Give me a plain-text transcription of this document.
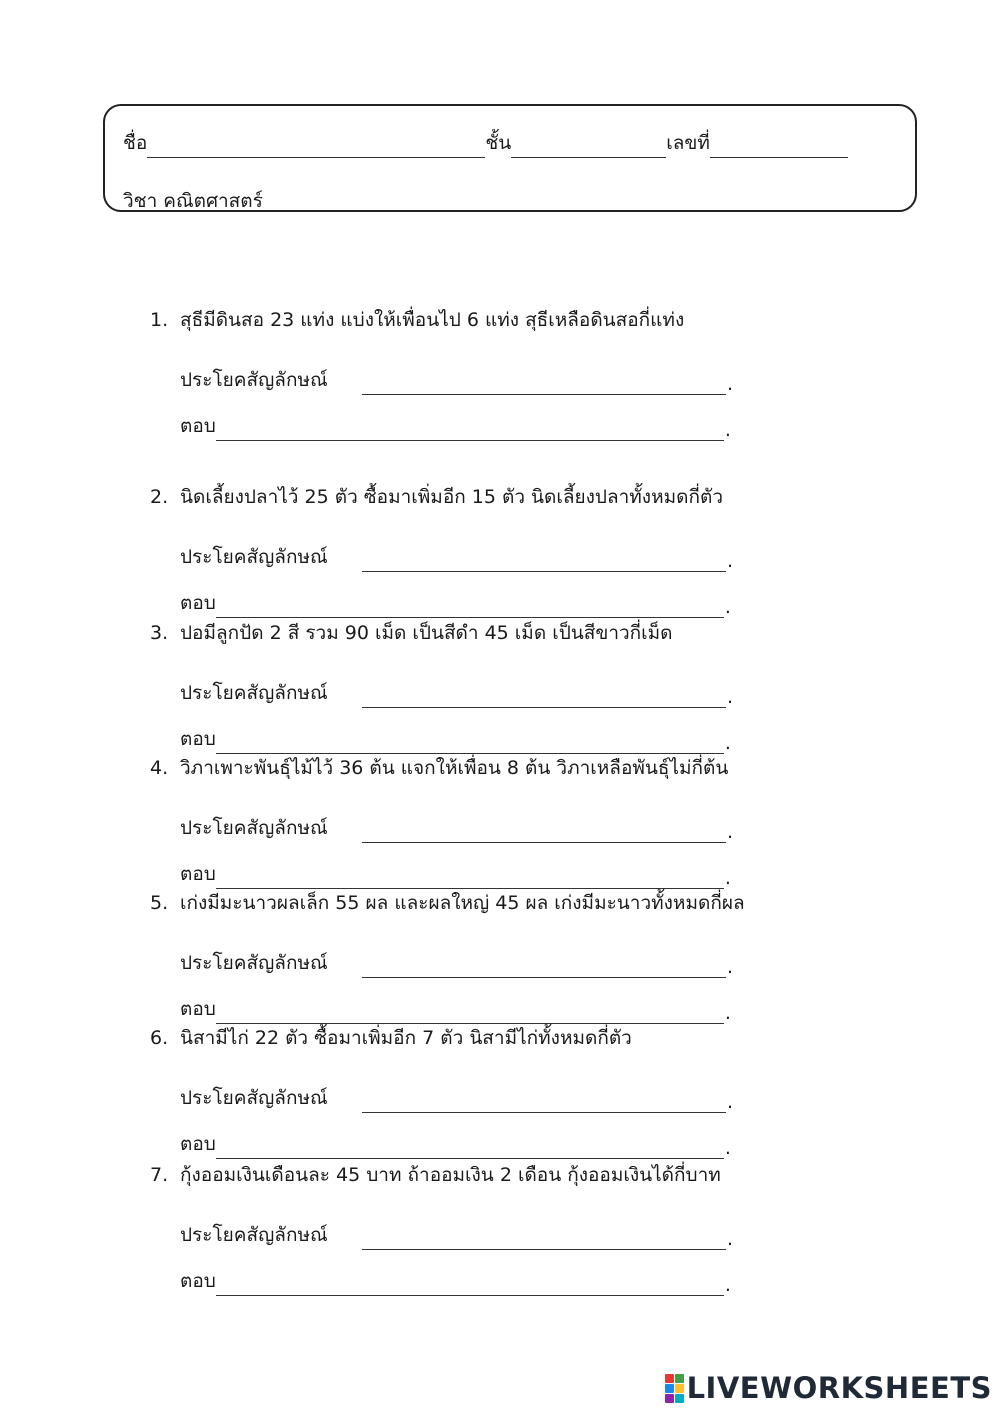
ชื่อ	ชั้น	เลขที่
วิชา คณิตศาสตร์
1. สุธีมีดินสอ 23 แท่ง แบ่งให้เพื่อนไป 6 แท่ง สุธีเหลือดินสอกี่แท่ง
ประโยคสัญลักษณ์	.
ตอบ	.
2. นิดเลี้ยงปลาไว้ 25 ตัว ซื้อมาเพิ่มอีก 15 ตัว นิดเลี้ยงปลาทั้งหมดกี่ตัว
ประโยคสัญลักษณ์	.
ตอบ	.
3. ปอมีลูกปัด 2 สี รวม 90 เม็ด เป็นสีดำ 45 เม็ด เป็นสีขาวกี่เม็ด
ประโยคสัญลักษณ์	.
ตอบ	.
4. วิภาเพาะพันธุ์ไม้ไว้ 36 ต้น แจกให้เพื่อน 8 ต้น วิภาเหลือพันธุ์ไม่กี่ต้น
ประโยคสัญลักษณ์	.
ตอบ	.
5. เก่งมีมะนาวผลเล็ก 55 ผล และผลใหญ่ 45 ผล เก่งมีมะนาวทั้งหมดกี่ผล
ประโยคสัญลักษณ์	.
ตอบ	.
6. นิสามีไก่ 22 ตัว ซื้อมาเพิ่มอีก 7 ตัว นิสามีไก่ทั้งหมดกี่ตัว
ประโยคสัญลักษณ์	.
ตอบ	.
7. กุ้งออมเงินเดือนละ 45 บาท ถ้าออมเงิน 2 เดือน กุ้งออมเงินได้กี่บาท
ประโยคสัญลักษณ์	.
ตอบ	.
LIVEWORKSHEETS
